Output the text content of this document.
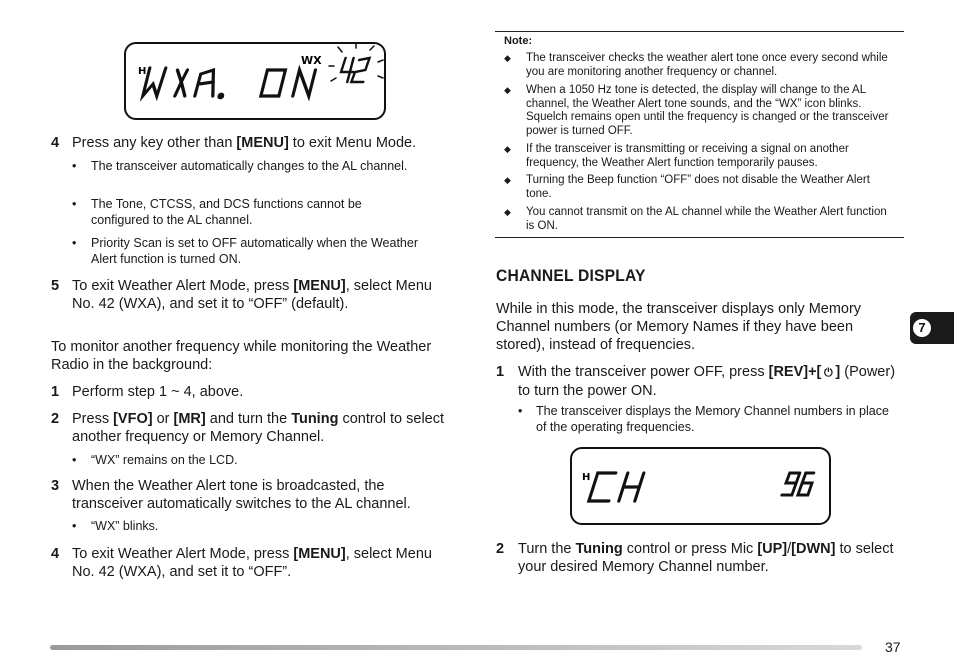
H
WX
4 Press any key other than [MENU] to exit Menu Mode.
• The transceiver automatically changes to the AL channel.
• The Tone, CTCSS, and DCS functions cannot be configured to the AL channel.
• Priority Scan is set to OFF automatically when the Weather Alert function is turned ON.
5 To exit Weather Alert Mode, press [MENU], select Menu No. 42 (WXA), and set it to “OFF” (default).
To monitor another frequency while monitoring the Weather Radio in the background:
1 Perform step 1 ~ 4, above.
2 Press [VFO] or [MR] and turn the Tuning control to select another frequency or Memory Channel.
• “WX” remains on the LCD.
3 When the Weather Alert tone is broadcasted, the transceiver automatically switches to the AL channel.
• “WX” blinks.
4 To exit Weather Alert Mode, press [MENU], select Menu No. 42 (WXA), and set it to “OFF”.
Note:
◆ The transceiver checks the weather alert tone once every second while you are monitoring another frequency or channel.
◆ When a 1050 Hz tone is detected, the display will change to the AL channel, the Weather Alert tone sounds, and the “WX” icon blinks. Squelch remains open until the frequency is changed or the transceiver power is turned OFF.
◆ If the transceiver is transmitting or receiving a signal on another frequency, the Weather Alert function temporarily pauses.
◆ Turning the Beep function “OFF” does not disable the Weather Alert tone.
◆ You cannot transmit on the AL channel while the Weather Alert function is ON.
CHANNEL DISPLAY
While in this mode, the transceiver displays only Memory Channel numbers (or Memory Names if they have been stored), instead of frequencies.
1 With the transceiver power OFF, press [REV]+[ ⏻ ] (Power) to turn the power ON.
• The transceiver displays the Memory Channel numbers in place of the operating frequencies.
H
2 Turn the Tuning control or press Mic [UP]/[DWN] to select your desired Memory Channel number.
7
37
